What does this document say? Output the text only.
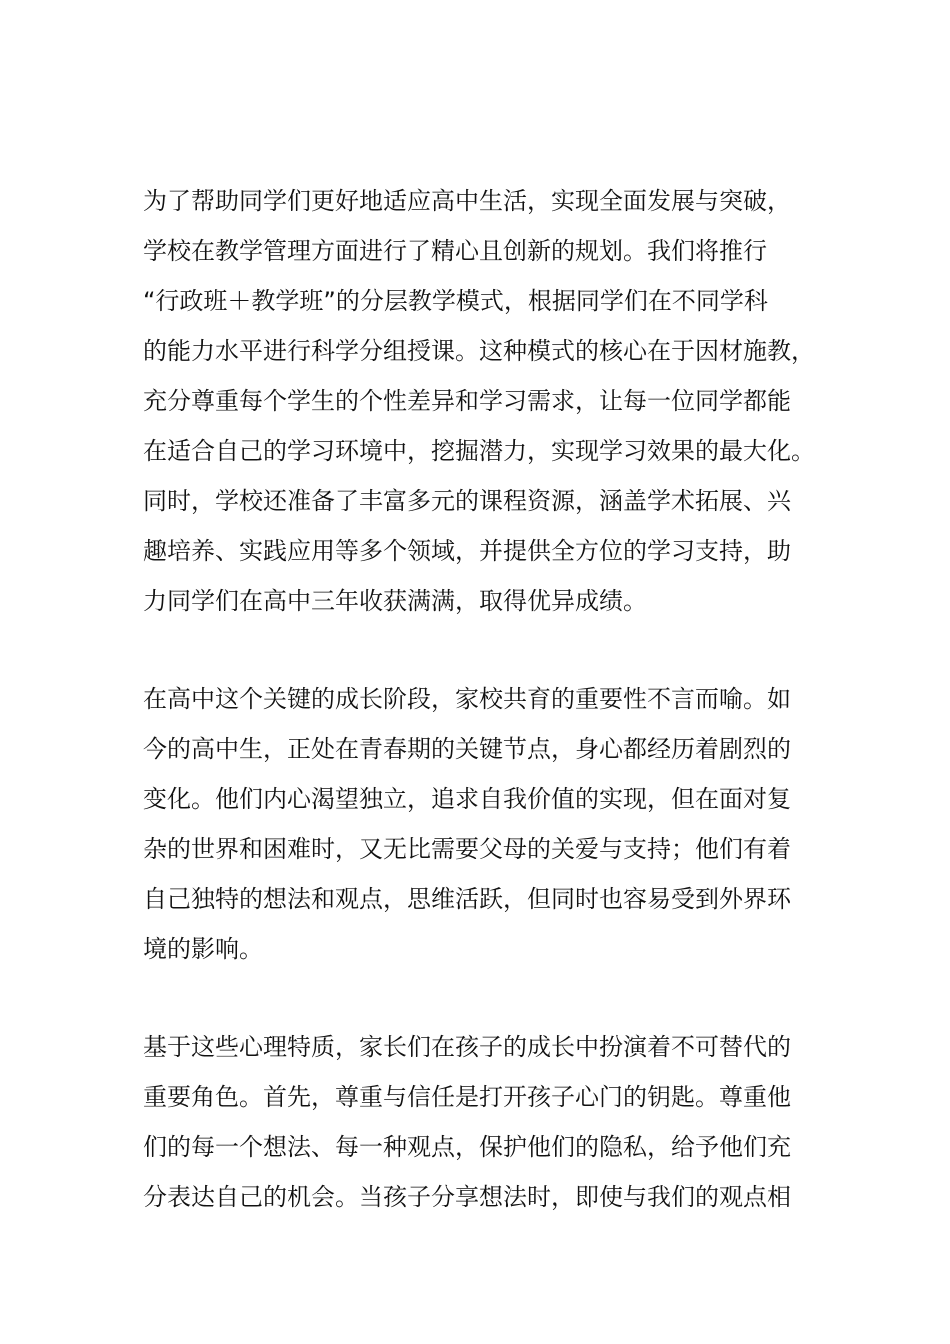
为了帮助同学们更好地适应高中生活，实现全面发展与突破，
学校在教学管理方面进行了精心且创新的规划。我们将推行
“行政班＋教学班”的分层教学模式，根据同学们在不同学科
的能力水平进行科学分组授课。这种模式的核心在于因材施教，
充分尊重每个学生的个性差异和学习需求，让每一位同学都能
在适合自己的学习环境中，挖掘潜力，实现学习效果的最大化。
同时，学校还准备了丰富多元的课程资源，涵盖学术拓展、兴
趣培养、实践应用等多个领域，并提供全方位的学习支持，助
力同学们在高中三年收获满满，取得优异成绩。
在高中这个关键的成长阶段，家校共育的重要性不言而喻。如
今的高中生，正处在青春期的关键节点，身心都经历着剧烈的
变化。他们内心渴望独立，追求自我价值的实现，但在面对复
杂的世界和困难时，又无比需要父母的关爱与支持；他们有着
自己独特的想法和观点，思维活跃，但同时也容易受到外界环
境的影响。
基于这些心理特质，家长们在孩子的成长中扮演着不可替代的
重要角色。首先，尊重与信任是打开孩子心门的钥匙。尊重他
们的每一个想法、每一种观点，保护他们的隐私，给予他们充
分表达自己的机会。当孩子分享想法时，即使与我们的观点相
